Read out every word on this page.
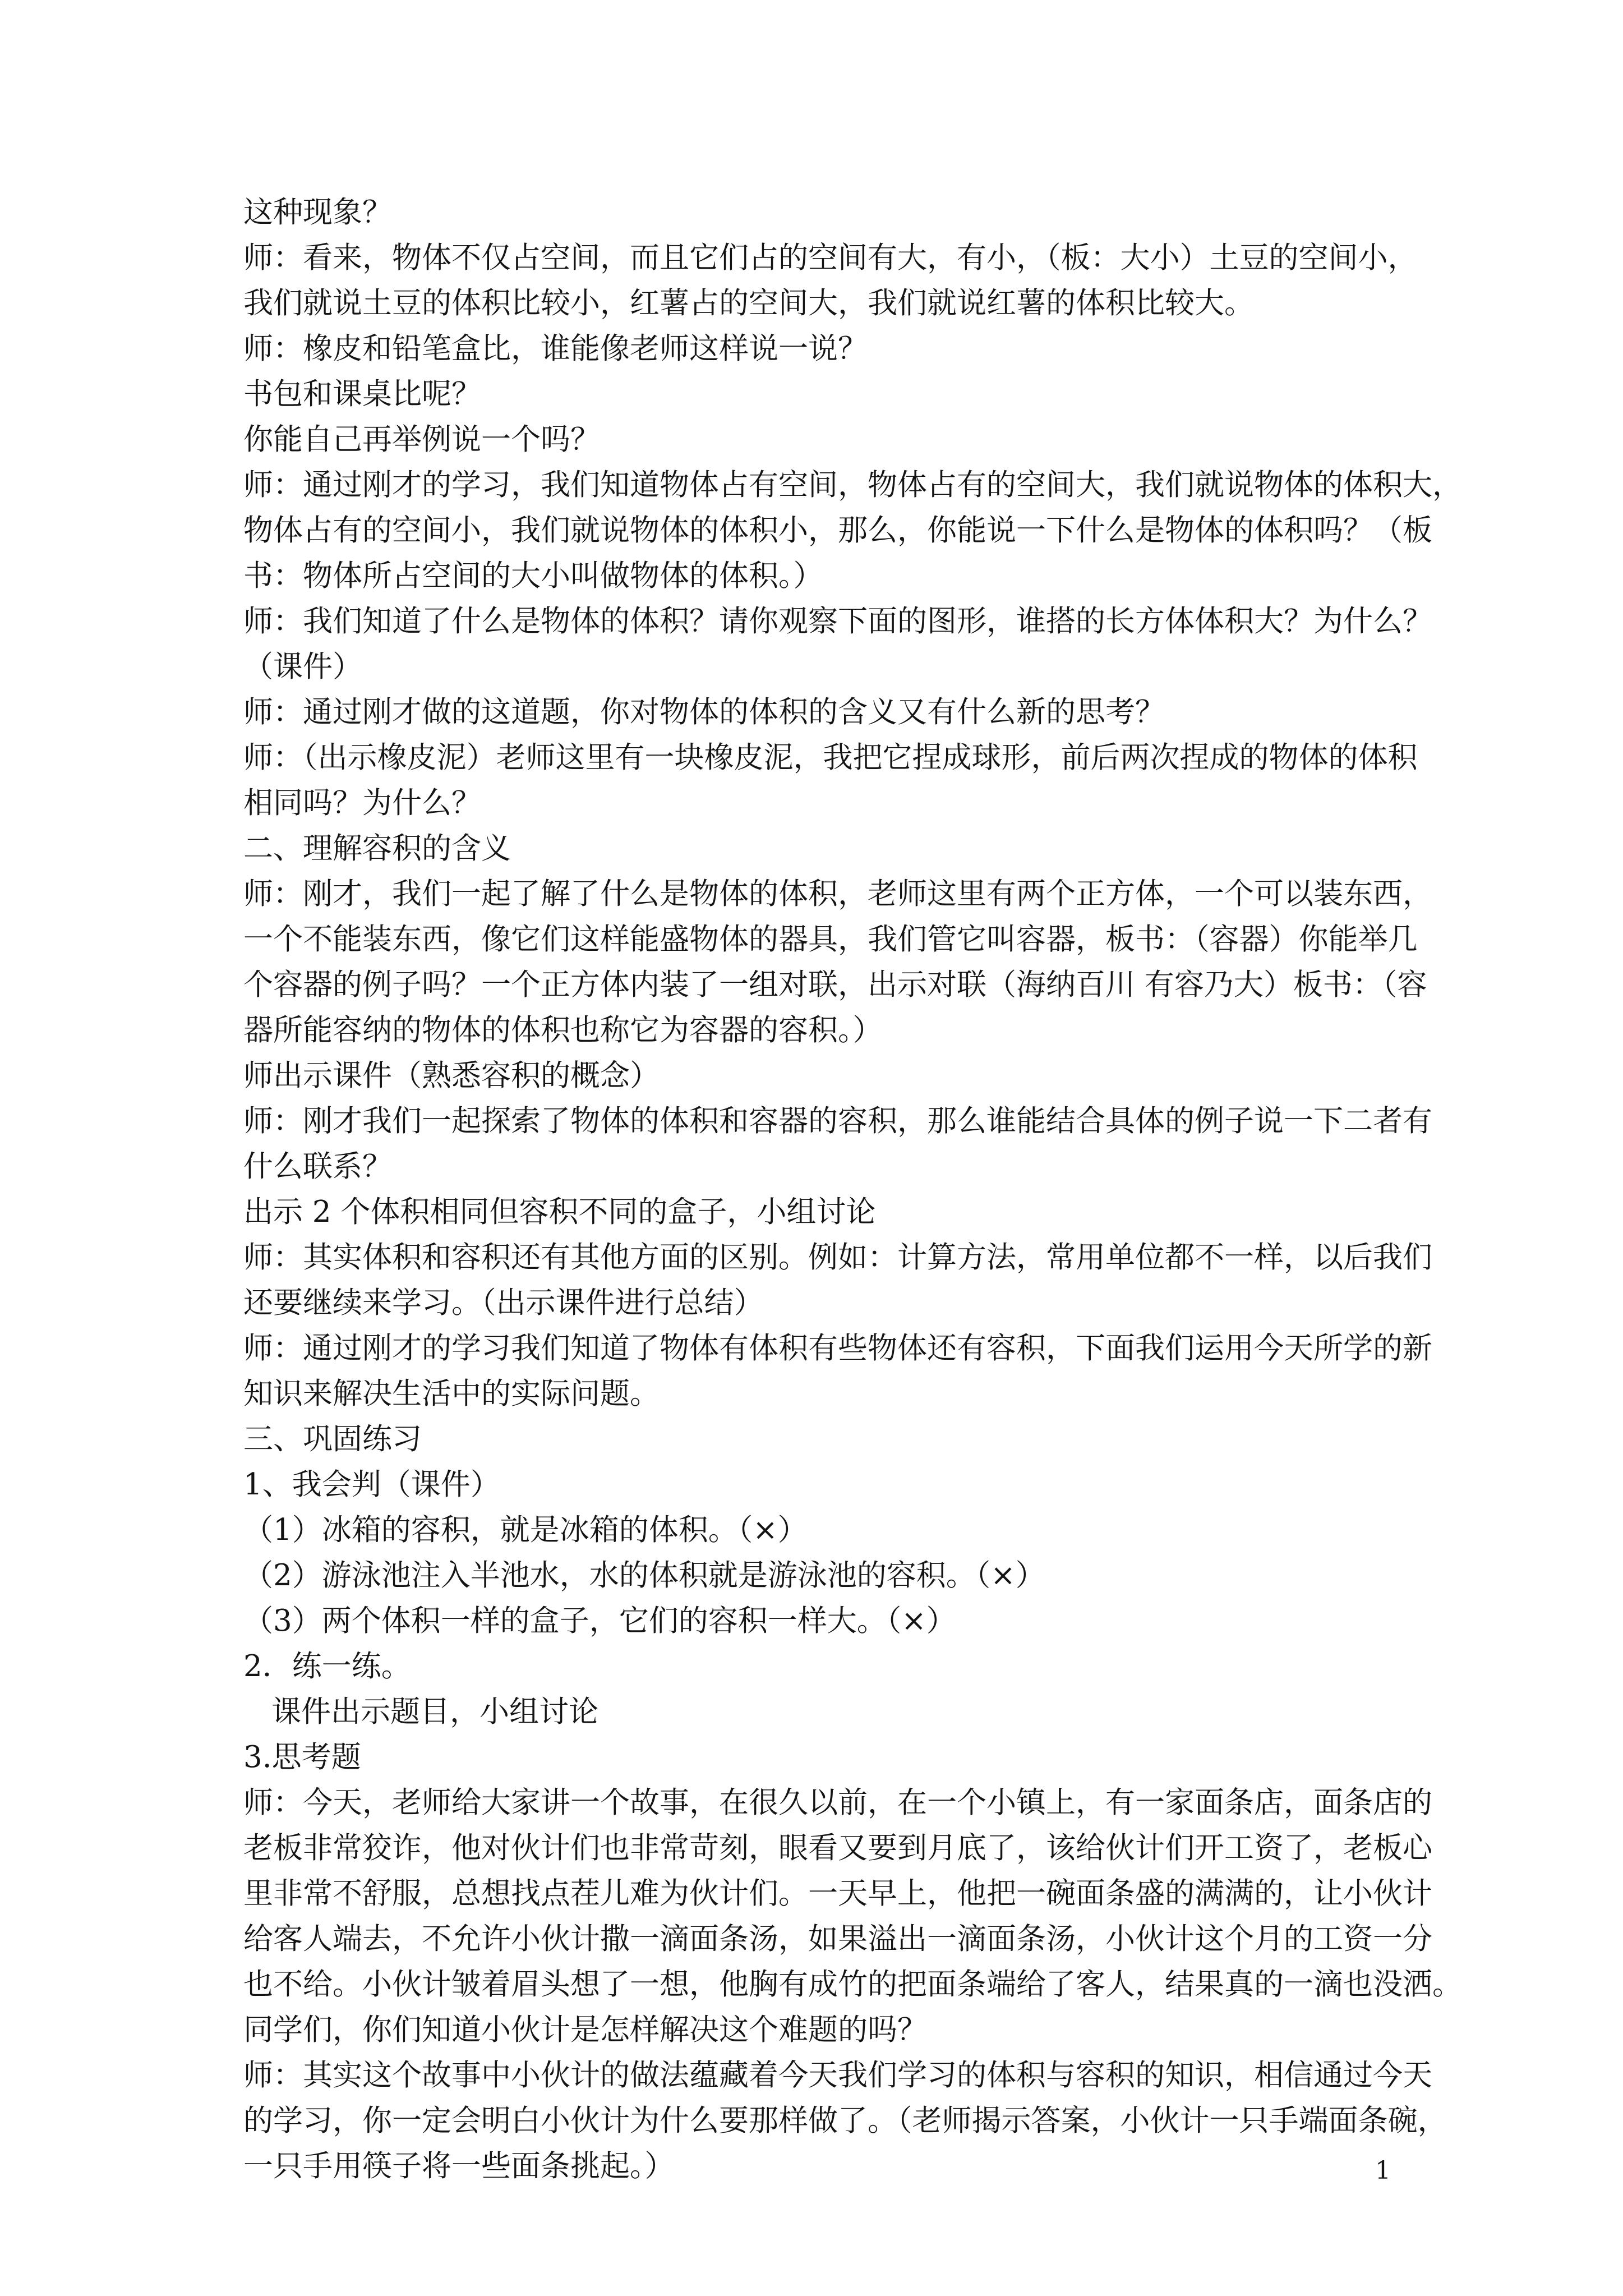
这种现象？
师：看来，物体不仅占空间，而且它们占的空间有大，有小，（板：大小）土豆的空间小，
我们就说土豆的体积比较小，红薯占的空间大，我们就说红薯的体积比较大。
师：橡皮和铅笔盒比，谁能像老师这样说一说？
书包和课桌比呢？
你能自己再举例说一个吗？
师：通过刚才的学习，我们知道物体占有空间，物体占有的空间大，我们就说物体的体积大，
物体占有的空间小，我们就说物体的体积小，那么，你能说一下什么是物体的体积吗？（板
书：物体所占空间的大小叫做物体的体积。）
师：我们知道了什么是物体的体积？请你观察下面的图形，谁搭的长方体体积大？为什么？
（课件）
师：通过刚才做的这道题，你对物体的体积的含义又有什么新的思考？
师：（出示橡皮泥）老师这里有一块橡皮泥，我把它捏成球形，前后两次捏成的物体的体积
相同吗？为什么？
二、理解容积的含义
师：刚才，我们一起了解了什么是物体的体积，老师这里有两个正方体，一个可以装东西，
一个不能装东西，像它们这样能盛物体的器具，我们管它叫容器，板书：（容器）你能举几
个容器的例子吗？一个正方体内装了一组对联，出示对联（海纳百川 有容乃大）板书：（容
器所能容纳的物体的体积也称它为容器的容积。）
师出示课件（熟悉容积的概念）
师：刚才我们一起探索了物体的体积和容器的容积，那么谁能结合具体的例子说一下二者有
什么联系？
出示 2 个体积相同但容积不同的盒子，小组讨论
师：其实体积和容积还有其他方面的区别。例如：计算方法，常用单位都不一样，以后我们
还要继续来学习。（出示课件进行总结）
师：通过刚才的学习我们知道了物体有体积有些物体还有容积，下面我们运用今天所学的新
知识来解决生活中的实际问题。
三、巩固练习
1、我会判（课件）
（1）冰箱的容积，就是冰箱的体积。（×）
（2）游泳池注入半池水，水的体积就是游泳池的容积。（×）
（3）两个体积一样的盒子，它们的容积一样大。（×）
2．练一练。
课件出示题目，小组讨论
3.思考题
师：今天，老师给大家讲一个故事，在很久以前，在一个小镇上，有一家面条店，面条店的
老板非常狡诈，他对伙计们也非常苛刻，眼看又要到月底了，该给伙计们开工资了，老板心
里非常不舒服，总想找点茬儿难为伙计们。一天早上，他把一碗面条盛的满满的，让小伙计
给客人端去，不允许小伙计撒一滴面条汤，如果溢出一滴面条汤，小伙计这个月的工资一分
也不给。小伙计皱着眉头想了一想，他胸有成竹的把面条端给了客人，结果真的一滴也没洒。
同学们，你们知道小伙计是怎样解决这个难题的吗？
师：其实这个故事中小伙计的做法蕴藏着今天我们学习的体积与容积的知识，相信通过今天
的学习，你一定会明白小伙计为什么要那样做了。（老师揭示答案，小伙计一只手端面条碗，
一只手用筷子将一些面条挑起。）	1
